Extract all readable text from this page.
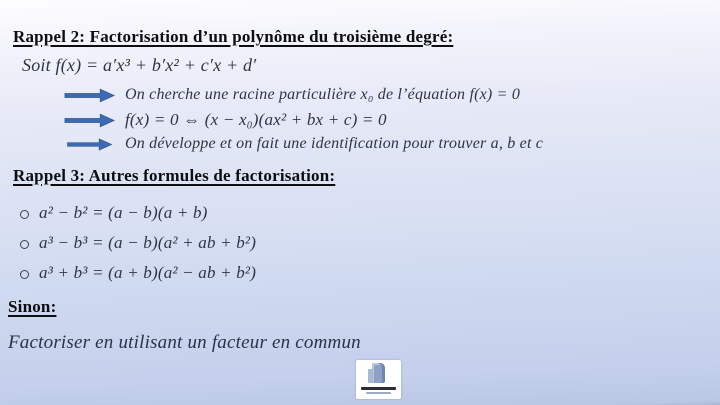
Rappel 2: Factorisation d’un polynôme du troisième degré:
Soit f(x) = a′x³ + b′x² + c′x + d′
On cherche une racine particulière x₀ de l’équation f(x) = 0
f(x) = 0 ⇔ (x − x₀)(ax² + bx + c) = 0
On développe et on fait une identification pour trouver a, b et c
Rappel 3: Autres formules de factorisation:
a² − b² = (a − b)(a + b)
a³ − b³ = (a − b)(a² + ab + b²)
a³ + b³ = (a + b)(a² − ab + b²)
Sinon:
Factoriser en utilisant un facteur en commun
